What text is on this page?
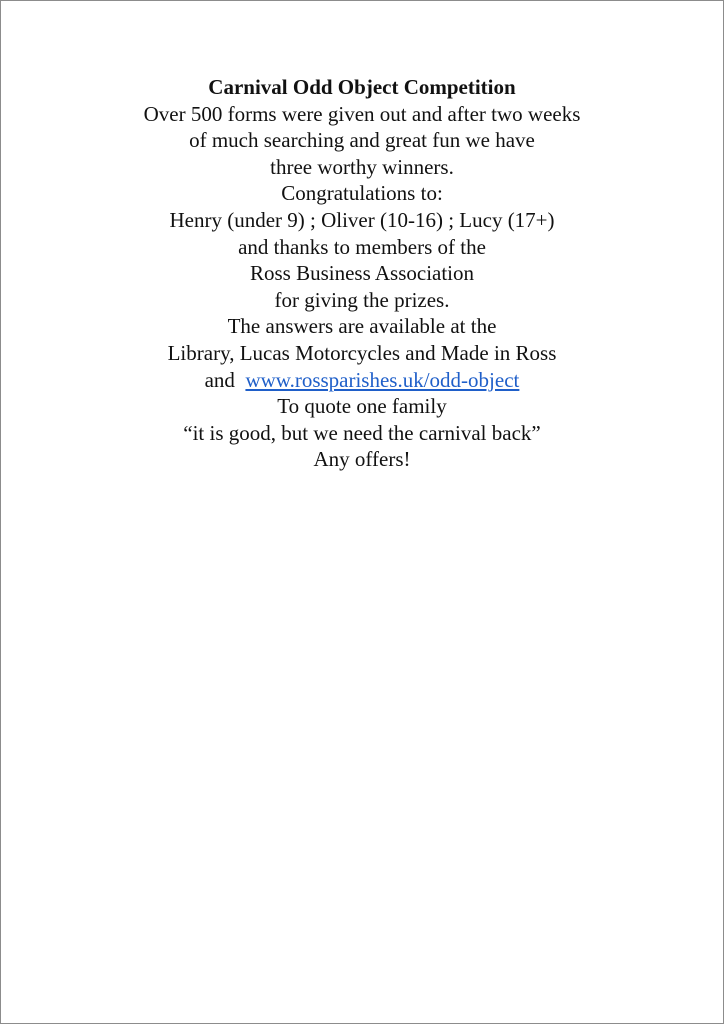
Carnival Odd Object Competition
Over 500 forms were given out and after two weeks
of much searching and great fun we have
three worthy winners.
Congratulations to:
Henry (under 9) ; Oliver (10-16) ; Lucy (17+)
and thanks to members of the
Ross Business Association
for giving the prizes.
The answers are available at the
Library, Lucas Motorcycles and Made in Ross
and www.rossparishes.uk/odd-object
To quote one family
“it is good, but we need the carnival back”
Any offers!
